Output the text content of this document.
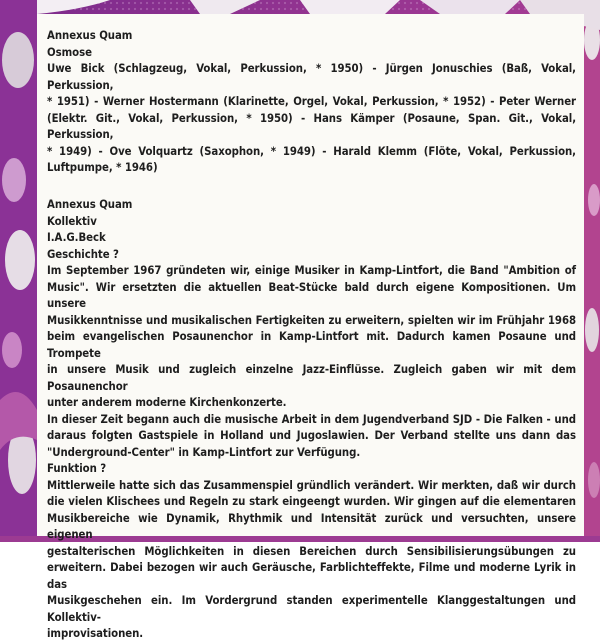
Annexus Quam
Osmose
Uwe Bick (Schlagzeug, Vokal, Perkussion, * 1950) - Jürgen Jonuschies (Baß, Vokal, Perkussion,
* 1951) - Werner Hostermann (Klarinette, Orgel, Vokal, Perkussion, * 1952) - Peter Werner
(Elektr. Git., Vokal, Perkussion, * 1950) - Hans Kämper (Posaune, Span. Git., Vokal, Perkussion,
* 1949) - Ove Volquartz (Saxophon, * 1949) - Harald Klemm (Flöte, Vokal, Perkussion,
Luftpumpe, * 1946)
Annexus Quam
Kollektiv
I.A.G.Beck
Geschichte ?
Im September 1967 gründeten wir, einige Musiker in Kamp-Lintfort, die Band "Ambition of
Music". Wir ersetzten die aktuellen Beat-Stücke bald durch eigene Kompositionen. Um unsere
Musikkenntnisse und musikalischen Fertigkeiten zu erweitern, spielten wir im Frühjahr 1968
beim evangelischen Posaunenchor in Kamp-Lintfort mit. Dadurch kamen Posaune und Trompete
in unsere Musik und zugleich einzelne Jazz-Einflüsse. Zugleich gaben wir mit dem Posaunenchor
unter anderem moderne Kirchenkonzerte.
In dieser Zeit begann auch die musische Arbeit in dem Jugendverband SJD - Die Falken - und
daraus folgten Gastspiele in Holland und Jugoslawien. Der Verband stellte uns dann das
"Underground-Center" in Kamp-Lintfort zur Verfügung.
Funktion ?
Mittlerweile hatte sich das Zusammenspiel gründlich verändert. Wir merkten, daß wir durch
die vielen Klischees und Regeln zu stark eingeengt wurden. Wir gingen auf die elementaren
Musikbereiche wie Dynamik, Rhythmik und Intensität zurück und versuchten, unsere eigenen
gestalterischen Möglichkeiten in diesen Bereichen durch Sensibilisierungsübungen zu
erweitern. Dabei bezogen wir auch Geräusche, Farblichteffekte, Filme und moderne Lyrik in das
Musikgeschehen ein. Im Vordergrund standen experimentelle Klanggestaltungen und Kollektiv-
improvisationen.
